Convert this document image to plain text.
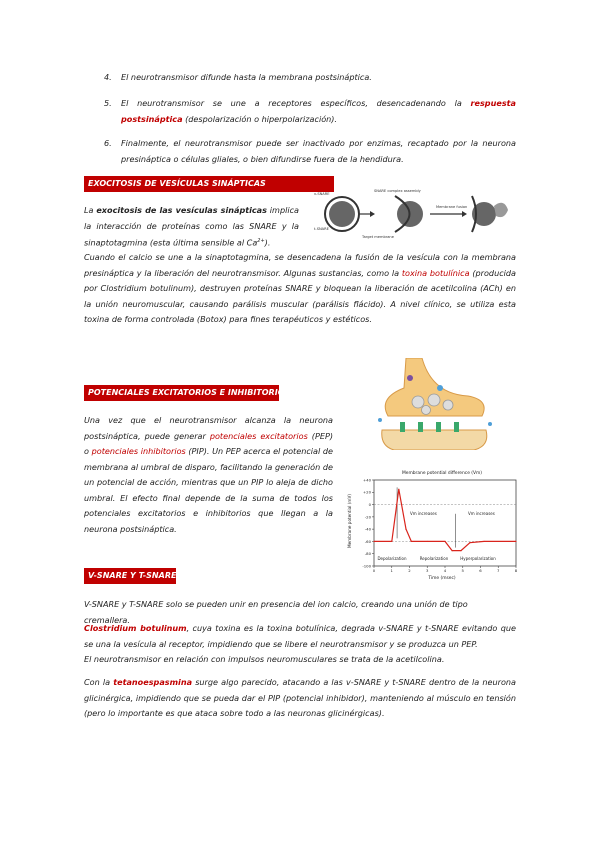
4.	El neurotransmisor difunde hasta la membrana postsináptica.
5.	El neurotransmisor se une a receptores específicos, desencadenando la respuesta postsináptica (despolarización o hiperpolarización).
6.	Finalmente, el neurotransmisor puede ser inactivado por enzimas, recaptado por la neurona presináptica o células gliales, o bien difundirse fuera de la hendidura.
EXOCITOSIS DE VESÍCULAS SINÁPTICAS
La exocitosis de las vesículas sinápticas implica la interacción de proteínas como las SNARE y la sinaptotagmina (esta última sensible al $Ca^{2+}$).
v-SNARE
t-SNARE
Target membrane
SNARE complex assembly
Membrane fusion
Cuando el calcio se une a la sinaptotagmina, se desencadena la fusión de la vesícula con la membrana presináptica y la liberación del neurotransmisor. Algunas sustancias, como la toxina botulínica (producida por Clostridium botulinum), destruyen proteínas SNARE y bloquean la liberación de acetilcolina (ACh) en la unión neuromuscular, causando parálisis muscular (parálisis flácido). A nivel clínico, se utiliza esta toxina de forma controlada (Botox) para fines terapéuticos y estéticos.
POTENCIALES EXCITATORIOS E INHIBITORIOS
Una vez que el neurotransmisor alcanza la neurona postsináptica, puede generar potenciales excitatorios (PEP) o potenciales inhibitorios (PIP). Un PEP acerca el potencial de membrana al umbral de disparo, facilitando la generación de un potencial de acción, mientras que un PIP lo aleja de dicho umbral. El efecto final depende de la suma de todos los potenciales excitatorios e inhibitorios que llegan a la neurona postsináptica.
+40
+20
0
-20
-40
-60
-80
-100
0	1	2	3	4	5	6	7	8
Membrane potential difference (Vm)
Time (msec)
Membrane potential (mV)	Vm increases	Vm increases
Depolarization	Repolarization	Hyperpolarization
V-SNARE Y T-SNARE
V-SNARE y T-SNARE solo se pueden unir en presencia del ion calcio, creando una unión de tipo cremallera.
Clostridium botulinum, cuya toxina es la toxina botulínica, degrada v-SNARE y t-SNARE evitando que se una la vesícula al receptor, impidiendo que se libere el neurotransmisor y se produzca un PEP.
El neurotransmisor en relación con impulsos neuromusculares se trata de la acetilcolina.
Con la tetanoespasmina surge algo parecido, atacando a las v-SNARE y t-SNARE dentro de la neurona glicinérgica, impidiendo que se pueda dar el PIP (potencial inhibidor), manteniendo al músculo en tensión (pero lo importante es que ataca sobre todo a las neuronas glicinérgicas).
